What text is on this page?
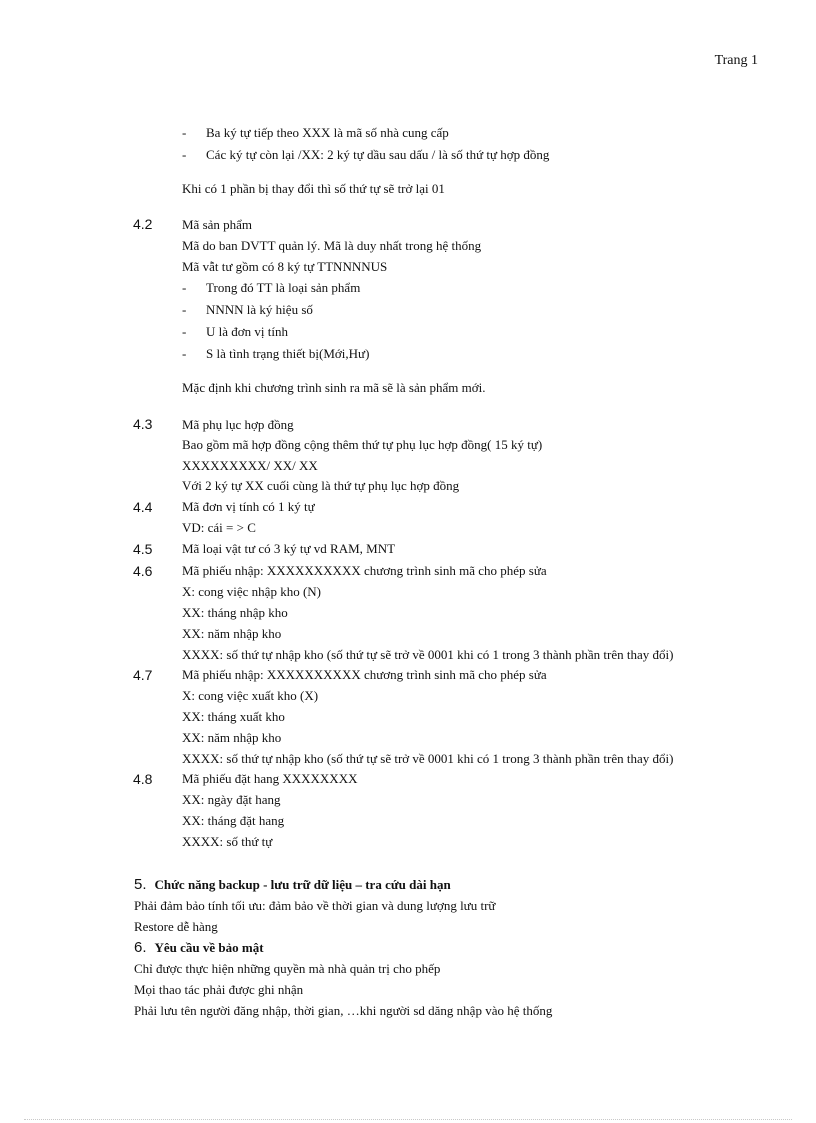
Trang 1
- Ba ký tự tiếp theo XXX là mã số nhà cung cấp
- Các ký tự còn lại /XX: 2 ký tự dầu sau dấu / là số thứ tự hợp đồng
Khi có 1 phần bị thay đổi thì số thứ tự sẽ trở lại 01
4.2 Mã sản phẩm
Mã do ban DVTT quản lý. Mã là duy nhất trong hệ thống
Mã vẫt tư gồm có 8 ký tự TTNNNNUS
- Trong đó TT là loại sản phẩm
- NNNN là ký hiệu số
- U là đơn vị tính
- S là tình trạng thiết bị(Mới,Hư)
Mặc định khi chương trình sinh ra mã sẽ là sản phẩm mới.
4.3 Mã phụ lục hợp đồng
Bao gồm mã hợp đồng cộng thêm thứ tự phụ lục hợp đồng( 15 ký tự)
XXXXXXXXX/ XX/ XX
Với 2 ký tự XX cuối cùng là thứ tự phụ lục hợp đồng
4.4 Mã đơn vị tính có 1 ký tự
VD: cái = > C
4.5 Mã loại vật tư có 3 ký tự vd RAM, MNT
4.6 Mã phiếu nhập: XXXXXXXXXX chương trình sinh mã cho phép sửa
X: cong việc nhập kho (N)
XX: tháng nhập kho
XX: năm nhập kho
XXXX: số thứ tự nhập kho (số thứ tự sẽ trở về 0001 khi có 1 trong 3 thành phần trên thay đổi)
4.7 Mã phiếu nhập: XXXXXXXXXX chương trình sinh mã cho phép sửa
X: cong việc xuất kho (X)
XX: tháng xuất kho
XX: năm nhập kho
XXXX: số thứ tự nhập kho (số thứ tự sẽ trở về 0001 khi có 1 trong 3 thành phần trên thay đổi)
4.8 Mã phiếu đặt hang XXXXXXXX
XX: ngày đặt hang
XX: tháng đặt hang
XXXX: số thứ tự
5. Chức năng backup - lưu trữ dữ liệu – tra cứu dài hạn
Phải đảm bảo tính tối ưu: đảm bảo về thời gian và dung lượng lưu trữ
Restore dễ hàng
6. Yêu cầu về bảo mật
Chỉ được thực hiện những quyền mà nhà quản trị cho phếp
Mọi thao tác phải được ghi nhận
Phải lưu tên người đăng nhập, thời gian, …khi người sd dăng nhập vào hệ thống
